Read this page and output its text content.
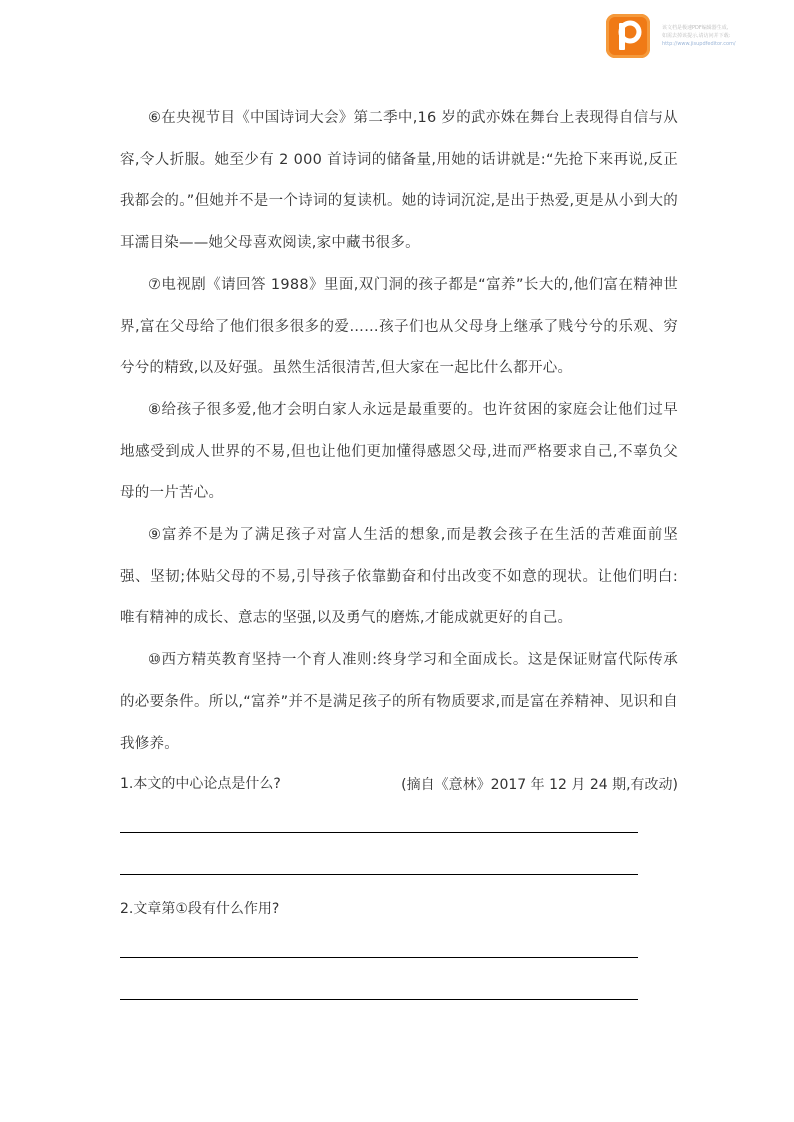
该文档是极速PDF编辑器生成,
如需去掉该提示,请访问并下载:
http://www.jisupdfeditor.com/

⑥在央视节目《中国诗词大会》第二季中,16 岁的武亦姝在舞台上表现得自信与从容,令人折服。她至少有 2 000 首诗词的储备量,用她的话讲就是:“先抢下来再说,反正我都会的。”但她并不是一个诗词的复读机。她的诗词沉淀,是出于热爱,更是从小到大的耳濡目染——她父母喜欢阅读,家中藏书很多。

⑦电视剧《请回答 1988》里面,双门洞的孩子都是“富养”长大的,他们富在精神世界,富在父母给了他们很多很多的爱……孩子们也从父母身上继承了贱兮兮的乐观、穷兮兮的精致,以及好强。虽然生活很清苦,但大家在一起比什么都开心。

⑧给孩子很多爱,他才会明白家人永远是最重要的。也许贫困的家庭会让他们过早地感受到成人世界的不易,但也让他们更加懂得感恩父母,进而严格要求自己,不辜负父母的一片苦心。

⑨富养不是为了满足孩子对富人生活的想象,而是教会孩子在生活的苦难面前坚强、坚韧;体贴父母的不易,引导孩子依靠勤奋和付出改变不如意的现状。让他们明白:唯有精神的成长、意志的坚强,以及勇气的磨炼,才能成就更好的自己。

⑩西方精英教育坚持一个育人准则:终身学习和全面成长。这是保证财富代际传承的必要条件。所以,“富养”并不是满足孩子的所有物质要求,而是富在养精神、见识和自我修养。

(摘自《意林》2017 年 12 月 24 期,有改动)

1.本文的中心论点是什么?

2.文章第①段有什么作用?
